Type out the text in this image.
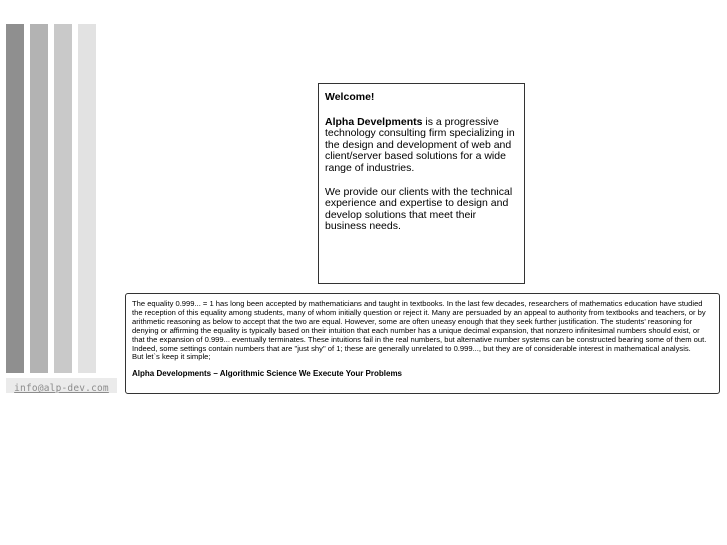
info@alp-dev.com
Welcome!

Alpha Develpments is a progressive technology consulting firm specializing in the design and development of web and client/server based solutions for a wide range of industries.

We provide our clients with the technical experience and expertise to design and develop solutions that meet their business needs.

The equality 0.999... = 1 has long been accepted by mathematicians and taught in textbooks. In the last few decades, researchers of mathematics education have studied the reception of this equality among students, many of whom initially question or reject it. Many are persuaded by an appeal to authority from textbooks and teachers, or by arithmetic reasoning as below to accept that the two are equal. However, some are often uneasy enough that they seek further justification. The students' reasoning for denying or affirming the equality is typically based on their intuition that each number has a unique decimal expansion, that nonzero infinitesimal numbers should exist, or that the expansion of 0.999... eventually terminates. These intuitions fail in the real numbers, but alternative number systems can be constructed bearing some of them out. Indeed, some settings contain numbers that are "just shy" of 1; these are generally unrelated to 0.999..., but they are of considerable interest in mathematical analysis.

But let`s keep it simple;

Alpha Developments – Algorithmic Science We Execute Your Problems
